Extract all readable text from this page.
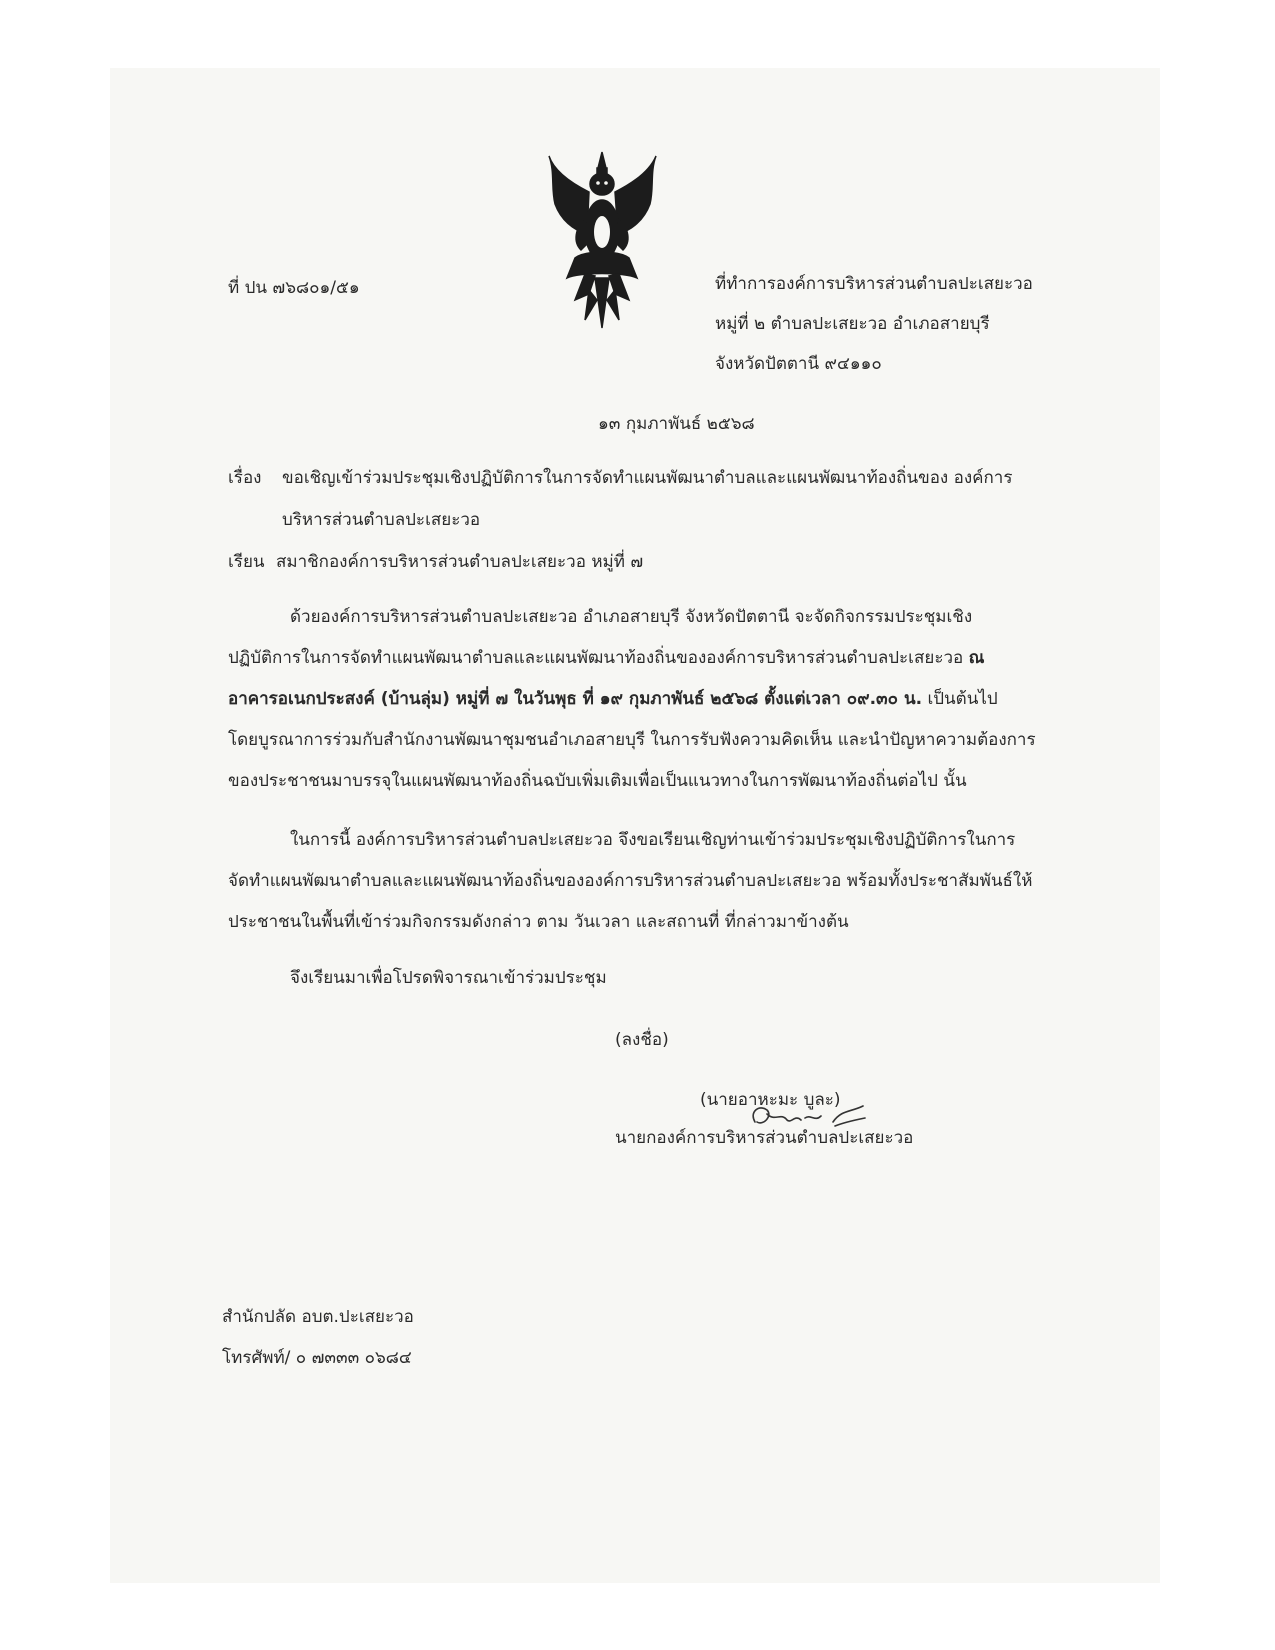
ที่ ปน ๗๖๘๐๑/๕๑	ที่ทำการองค์การบริหารส่วนตำบลปะเสยะวอ
หมู่ที่ ๒ ตำบลปะเสยะวอ อำเภอสายบุรี
จังหวัดปัตตานี ๙๔๑๑๐
๑๓ กุมภาพันธ์ ๒๕๖๘
เรื่อง ขอเชิญเข้าร่วมประชุมเชิงปฏิบัติการในการจัดทำแผนพัฒนาตำบลและแผนพัฒนาท้องถิ่นของ องค์การ
บริหารส่วนตำบลปะเสยะวอ
เรียน สมาชิกองค์การบริหารส่วนตำบลปะเสยะวอ หมู่ที่ ๗
ด้วยองค์การบริหารส่วนตำบลปะเสยะวอ อำเภอสายบุรี จังหวัดปัตตานี จะจัดกิจกรรมประชุมเชิง
ปฏิบัติการในการจัดทำแผนพัฒนาตำบลและแผนพัฒนาท้องถิ่นขององค์การบริหารส่วนตำบลปะเสยะวอ ณ
อาคารอเนกประสงค์ (บ้านลุ่ม) หมู่ที่ ๗ ในวันพุธ ที่ ๑๙ กุมภาพันธ์ ๒๕๖๘ ตั้งแต่เวลา ๐๙.๓๐ น. เป็นต้นไป
โดยบูรณาการร่วมกับสำนักงานพัฒนาชุมชนอำเภอสายบุรี ในการรับฟังความคิดเห็น และนำปัญหาความต้องการ
ของประชาชนมาบรรจุในแผนพัฒนาท้องถิ่นฉบับเพิ่มเติมเพื่อเป็นแนวทางในการพัฒนาท้องถิ่นต่อไป นั้น
ในการนี้ องค์การบริหารส่วนตำบลปะเสยะวอ จึงขอเรียนเชิญท่านเข้าร่วมประชุมเชิงปฏิบัติการในการ
จัดทำแผนพัฒนาตำบลและแผนพัฒนาท้องถิ่นขององค์การบริหารส่วนตำบลปะเสยะวอ พร้อมทั้งประชาสัมพันธ์ให้
ประชาชนในพื้นที่เข้าร่วมกิจกรรมดังกล่าว ตาม วันเวลา และสถานที่ ที่กล่าวมาข้างต้น
จึงเรียนมาเพื่อโปรดพิจารณาเข้าร่วมประชุม
(ลงชื่อ)
(นายอาหะมะ บูละ)
นายกองค์การบริหารส่วนตำบลปะเสยะวอ
สำนักปลัด อบต.ปะเสยะวอ
โทรศัพท์/ ๐ ๗๓๓๓ ๐๖๘๔
